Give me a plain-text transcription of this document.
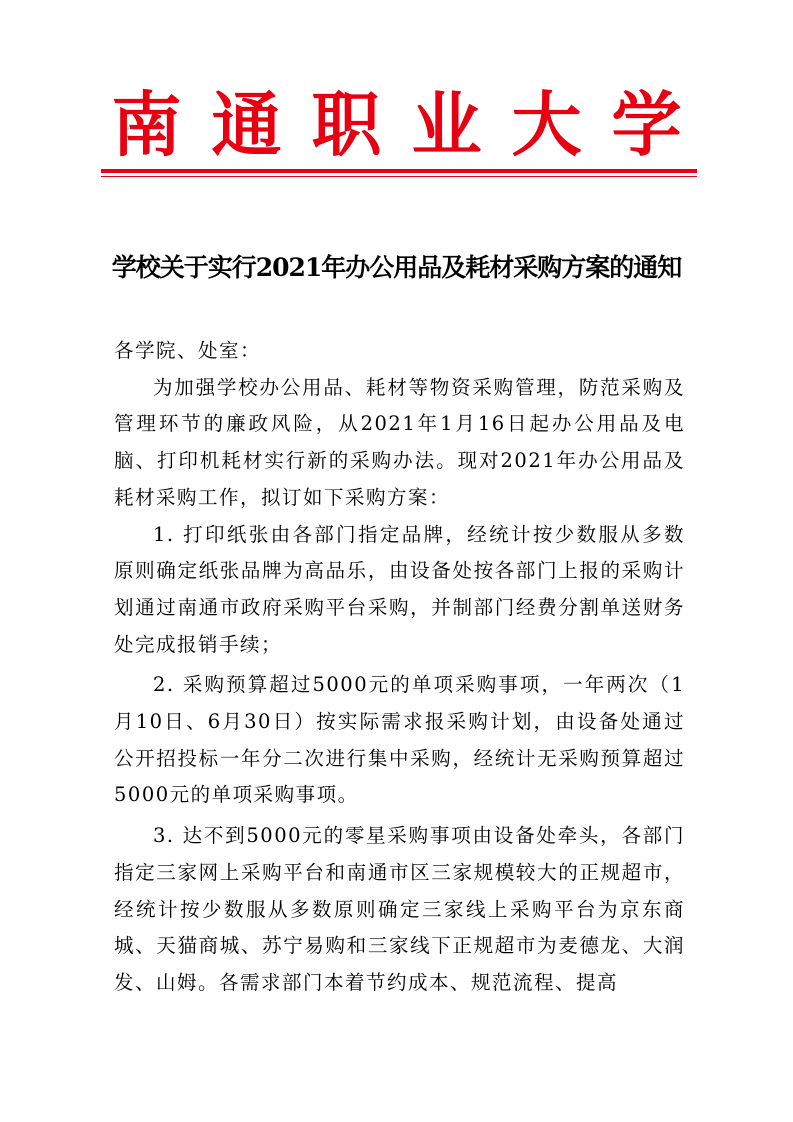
南通职业大学
学校关于实行2021年办公用品及耗材采购方案的通知

各学院、处室：

为加强学校办公用品、耗材等物资采购管理，防范采购及管理环节的廉政风险，从2021年1月16日起办公用品及电脑、打印机耗材实行新的采购办法。现对2021年办公用品及耗材采购工作，拟订如下采购方案：

1. 打印纸张由各部门指定品牌，经统计按少数服从多数原则确定纸张品牌为高品乐，由设备处按各部门上报的采购计划通过南通市政府采购平台采购，并制部门经费分割单送财务处完成报销手续；

2. 采购预算超过5000元的单项采购事项，一年两次（1月10日、6月30日）按实际需求报采购计划，由设备处通过公开招投标一年分二次进行集中采购，经统计无采购预算超过5000元的单项采购事项。

3. 达不到5000元的零星采购事项由设备处牵头，各部门指定三家网上采购平台和南通市区三家规模较大的正规超市，经统计按少数服从多数原则确定三家线上采购平台为京东商城、天猫商城、苏宁易购和三家线下正规超市为麦德龙、大润发、山姆。各需求部门本着节约成本、规范流程、提高
